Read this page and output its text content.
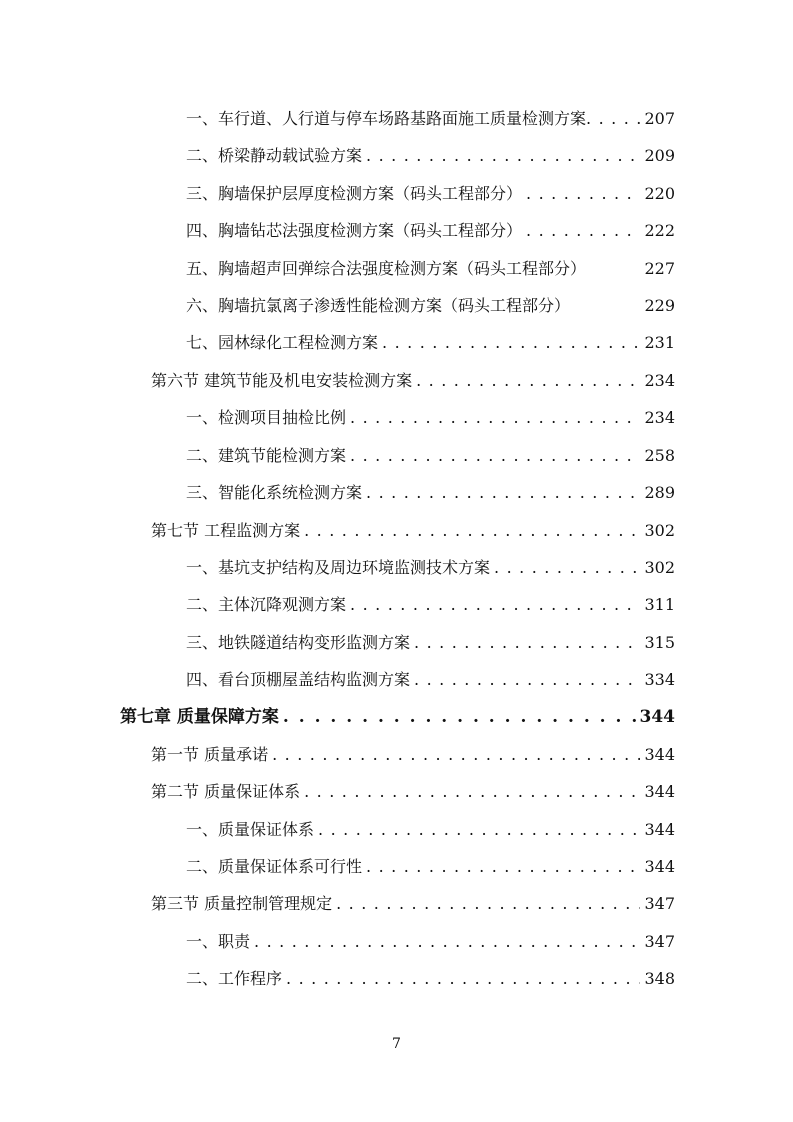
一、车行道、人行道与停车场路基路面施工质量检测方案 . . .	207
二、桥梁静动载试验方案 . . .	209
三、胸墙保护层厚度检测方案（码头工程部分） . . .	220
四、胸墙钻芯法强度检测方案（码头工程部分） . . .	222
五、胸墙超声回弹综合法强度检测方案（码头工程部分）	227
六、胸墙抗氯离子渗透性能检测方案（码头工程部分）	229
七、园林绿化工程检测方案 . . .	231
第六节 建筑节能及机电安装检测方案 . . .	234
一、检测项目抽检比例 . . .	234
二、建筑节能检测方案 . . .	258
三、智能化系统检测方案 . . .	289
第七节 工程监测方案 . . .	302
一、基坑支护结构及周边环境监测技术方案 . . .	302
二、主体沉降观测方案 . . .	311
三、地铁隧道结构变形监测方案 . . .	315
四、看台顶棚屋盖结构监测方案 . . .	334
第七章 质量保障方案 . . .	344
第一节 质量承诺 . . .	344
第二节 质量保证体系 . . .	344
一、质量保证体系 . . .	344
二、质量保证体系可行性 . . .	344
第三节 质量控制管理规定 . . .	347
一、职责 . . .	347
二、工作程序 . . .	348
7
